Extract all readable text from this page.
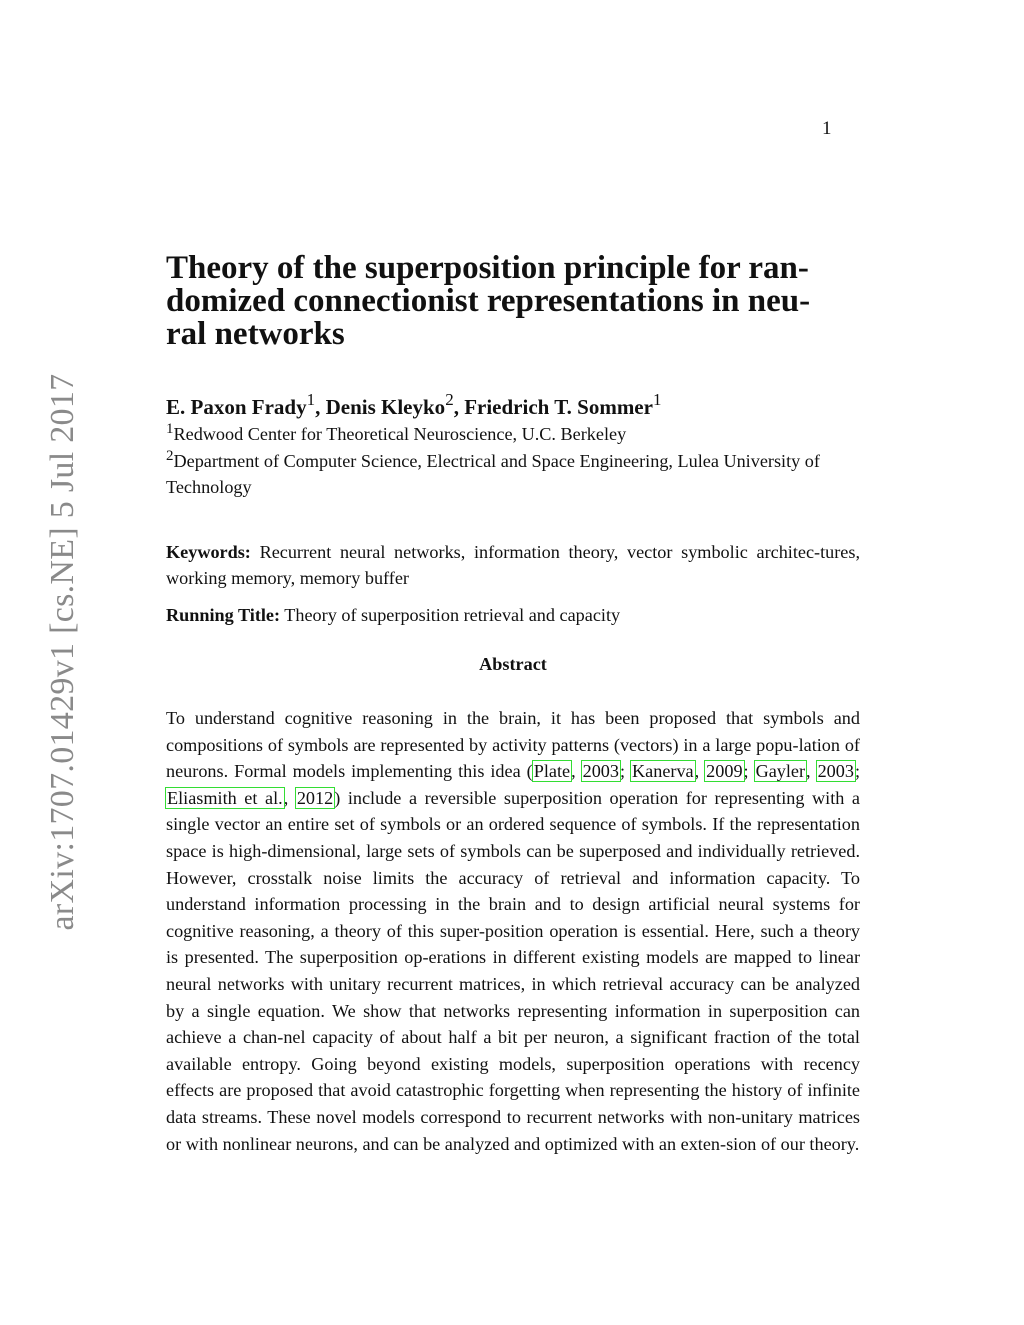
1
arXiv:1707.01429v1 [cs.NE] 5 Jul 2017
Theory of the superposition principle for ran-
domized connectionist representations in neu-
ral networks
E. Paxon Frady$^1$, Denis Kleyko$^2$, Friedrich T. Sommer$^1$
$^1$Redwood Center for Theoretical Neuroscience, U.C. Berkeley
$^2$Department of Computer Science, Electrical and Space Engineering, Lulea University of Technology
Keywords: Recurrent neural networks, information theory, vector symbolic architec-tures, working memory, memory buffer
Running Title: Theory of superposition retrieval and capacity
Abstract
To understand cognitive reasoning in the brain, it has been proposed that symbols and compositions of symbols are represented by activity patterns (vectors) in a large popu-lation of neurons. Formal models implementing this idea (Plate, 2003; Kanerva, 2009; Gayler, 2003; Eliasmith et al., 2012) include a reversible superposition operation for representing with a single vector an entire set of symbols or an ordered sequence of symbols. If the representation space is high-dimensional, large sets of symbols can be superposed and individually retrieved. However, crosstalk noise limits the accuracy of retrieval and information capacity. To understand information processing in the brain and to design artificial neural systems for cognitive reasoning, a theory of this super-position operation is essential. Here, such a theory is presented. The superposition op-erations in different existing models are mapped to linear neural networks with unitary recurrent matrices, in which retrieval accuracy can be analyzed by a single equation. We show that networks representing information in superposition can achieve a chan-nel capacity of about half a bit per neuron, a significant fraction of the total available entropy. Going beyond existing models, superposition operations with recency effects are proposed that avoid catastrophic forgetting when representing the history of infinite data streams. These novel models correspond to recurrent networks with non-unitary matrices or with nonlinear neurons, and can be analyzed and optimized with an exten-sion of our theory.
